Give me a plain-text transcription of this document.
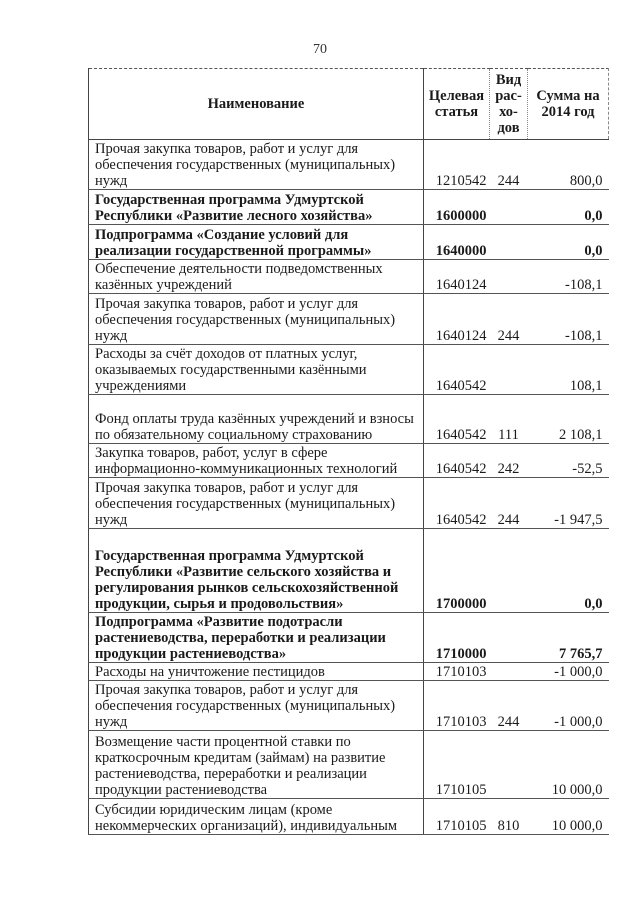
70
Наименование	Целевая статья	Вид рас-хо-дов	Сумма на 2014 год
Прочая закупка товаров, работ и услуг для обеспечения государственных (муниципальных) нужд	1210542	244	800,0
Государственная программа Удмуртской Республики «Развитие лесного хозяйства»	1600000		0,0
Подпрограмма «Создание условий для реализации государственной программы»	1640000		0,0
Обеспечение деятельности подведомственных казённых учреждений	1640124		-108,1
Прочая закупка товаров, работ и услуг для обеспечения государственных (муниципальных) нужд	1640124	244	-108,1
Расходы за счёт доходов от платных услуг, оказываемых государственными казёнными учреждениями	1640542		108,1
Фонд оплаты труда казённых учреждений и взносы по обязательному социальному страхованию	1640542	111	2 108,1
Закупка товаров, работ, услуг в сфере информационно-коммуникационных технологий	1640542	242	-52,5
Прочая закупка товаров, работ и услуг для обеспечения государственных (муниципальных) нужд	1640542	244	-1 947,5
Государственная программа Удмуртской Республики «Развитие сельского хозяйства и регулирования рынков сельскохозяйственной продукции, сырья и продовольствия»	1700000		0,0
Подпрограмма «Развитие подотрасли растениеводства, переработки и реализации продукции растениеводства»	1710000		7 765,7
Расходы на уничтожение пестицидов	1710103		-1 000,0
Прочая закупка товаров, работ и услуг для обеспечения государственных (муниципальных) нужд	1710103	244	-1 000,0
Возмещение части процентной ставки по краткосрочным кредитам (займам) на развитие растениеводства, переработки и реализации продукции растениеводства	1710105		10 000,0
Субсидии юридическим лицам (кроме некоммерческих организаций), индивидуальным	1710105	810	10 000,0
